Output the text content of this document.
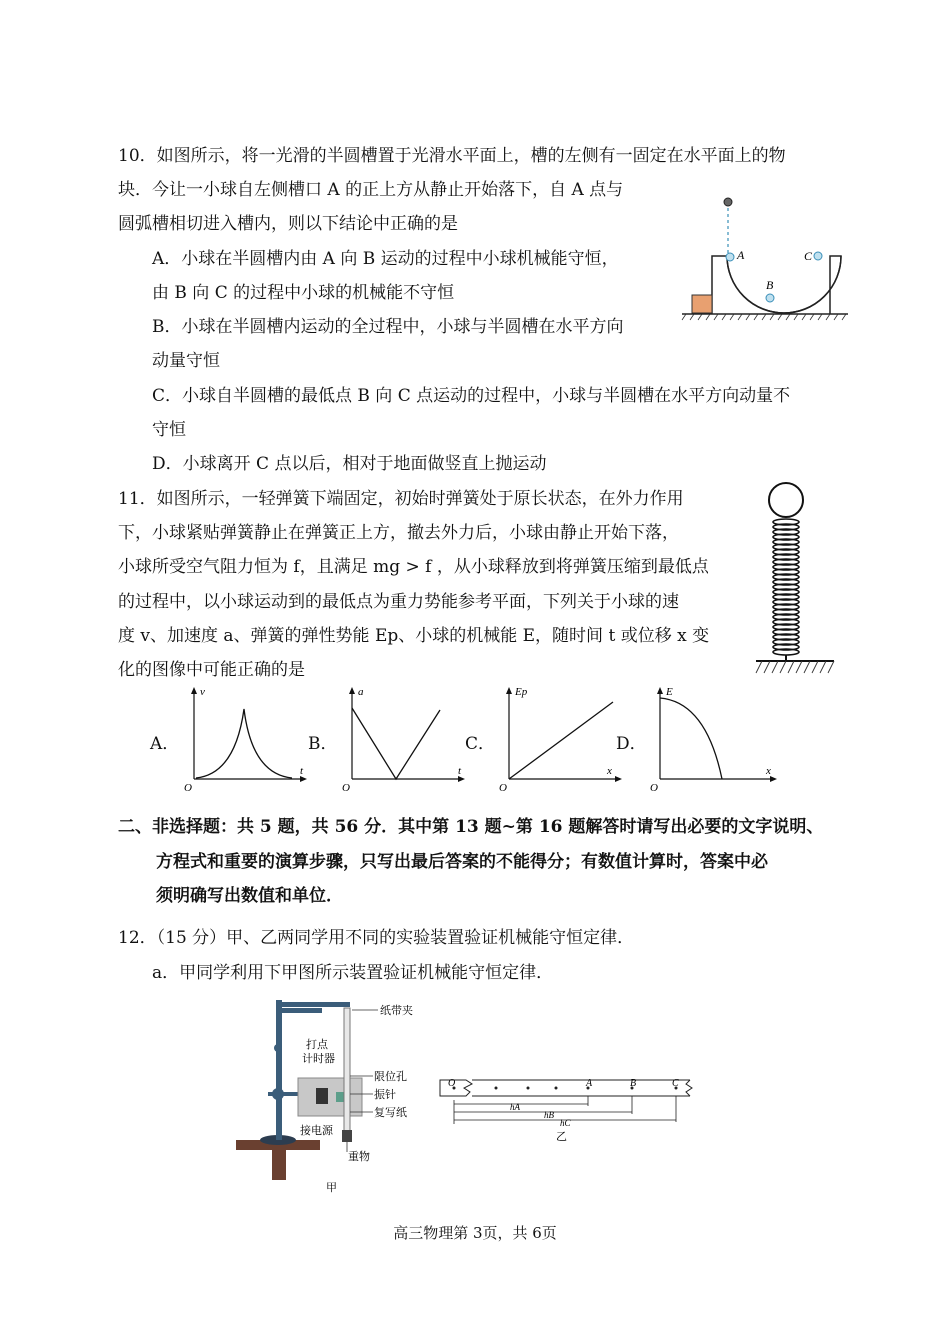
10．如图所示，将一光滑的半圆槽置于光滑水平面上，槽的左侧有一固定在水平面上的物
块．今让一小球自左侧槽口 A 的正上方从静止开始落下，自 A 点与
圆弧槽相切进入槽内，则以下结论中正确的是
A．小球在半圆槽内由 A 向 B 运动的过程中小球机械能守恒，
由 B 向 C 的过程中小球的机械能不守恒
B．小球在半圆槽内运动的全过程中，小球与半圆槽在水平方向
动量守恒
C．小球自半圆槽的最低点 B 向 C 点运动的过程中，小球与半圆槽在水平方向动量不
守恒
D．小球离开 C 点以后，相对于地面做竖直上抛运动
A
B
C
11．如图所示，一轻弹簧下端固定，初始时弹簧处于原长状态，在外力作用
下，小球紧贴弹簧静止在弹簧正上方，撤去外力后，小球由静止开始下落，
小球所受空气阻力恒为 f，且满足 mg > f ，从小球释放到将弹簧压缩到最低点
的过程中，以小球运动到的最低点为重力势能参考平面，下列关于小球的速
度 v、加速度 a、弹簧的弹性势能 Ep、小球的机械能 E，随时间 t 或位移 x 变
化的图像中可能正确的是
A．
v
t
O
B．
a
t
O
C．
Ep
x
O
D．
E
x
O
二、非选择题：共 5 题，共 56 分．其中第 13 题~第 16 题解答时请写出必要的文字说明、
方程式和重要的演算步骤，只写出最后答案的不能得分；有数值计算时，答案中必
须明确写出数值和单位．
12．（15 分）甲、乙两同学用不同的实验装置验证机械能守恒定律．
a．甲同学利用下甲图所示装置验证机械能守恒定律．
纸带夹
打点
计时器
限位孔
振针
复写纸
接电源
重物
甲
O	A	B	C
hA
hB
hC
乙
高三物理第 3页，共 6页
